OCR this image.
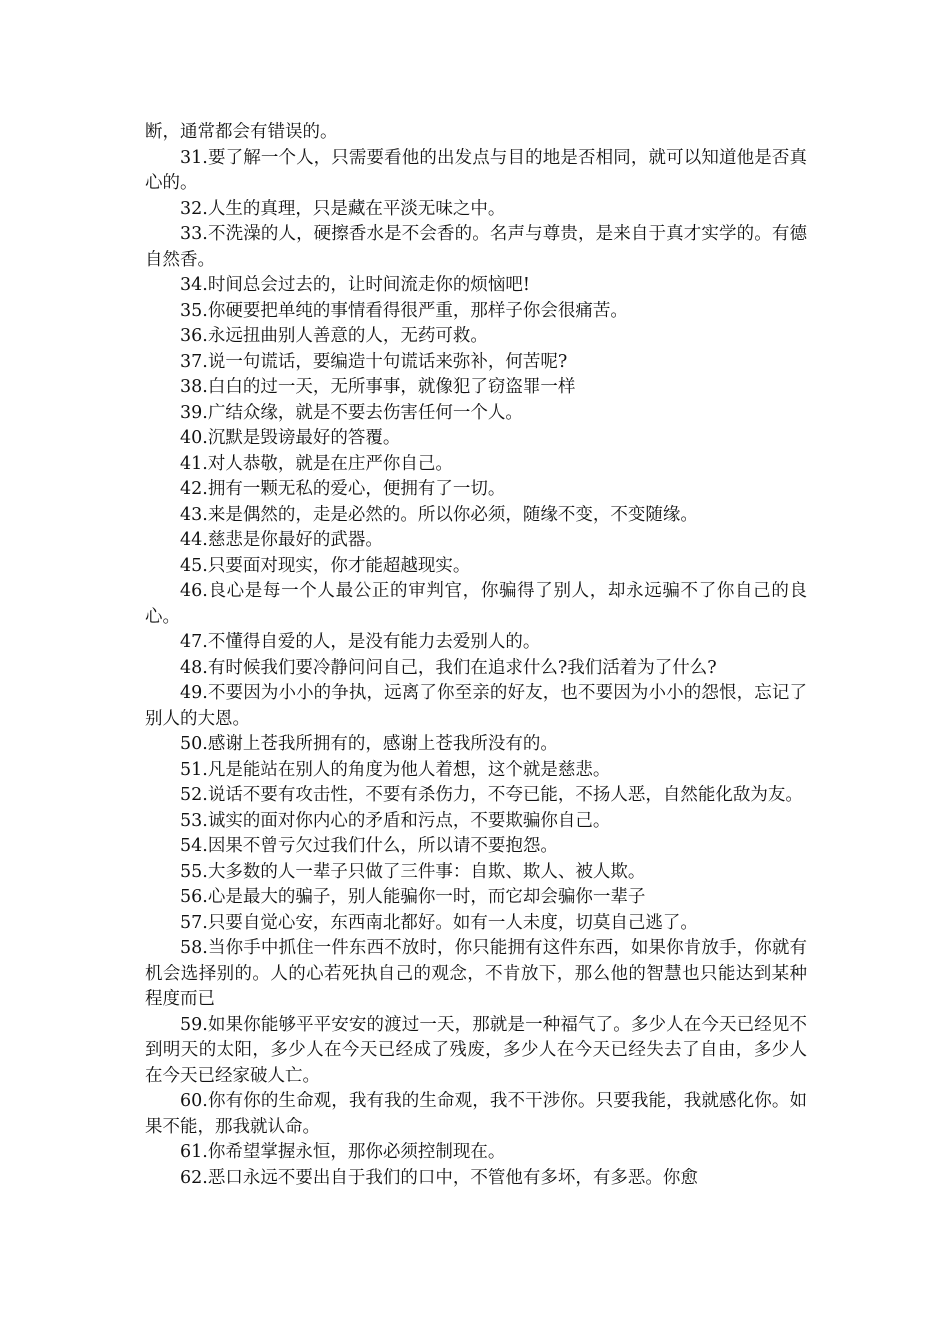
断，通常都会有错误的。

31.要了解一个人，只需要看他的出发点与目的地是否相同，就可以知道他是否真心的。

32.人生的真理，只是藏在平淡无味之中。

33.不洗澡的人，硬擦香水是不会香的。名声与尊贵，是来自于真才实学的。有德自然香。

34.时间总会过去的，让时间流走你的烦恼吧!

35.你硬要把单纯的事情看得很严重，那样子你会很痛苦。

36.永远扭曲别人善意的人，无药可救。

37.说一句谎话，要编造十句谎话来弥补，何苦呢?

38.白白的过一天，无所事事，就像犯了窃盗罪一样

39.广结众缘，就是不要去伤害任何一个人。

40.沉默是毁谤最好的答覆。

41.对人恭敬，就是在庄严你自己。

42.拥有一颗无私的爱心，便拥有了一切。

43.来是偶然的，走是必然的。所以你必须，随缘不变，不变随缘。

44.慈悲是你最好的武器。

45.只要面对现实，你才能超越现实。

46.良心是每一个人最公正的审判官，你骗得了别人，却永远骗不了你自己的良心。

47.不懂得自爱的人，是没有能力去爱别人的。

48.有时候我们要冷静问问自己，我们在追求什么?我们活着为了什么?

49.不要因为小小的争执，远离了你至亲的好友，也不要因为小小的怨恨，忘记了别人的大恩。

50.感谢上苍我所拥有的，感谢上苍我所没有的。

51.凡是能站在别人的角度为他人着想，这个就是慈悲。

52.说话不要有攻击性，不要有杀伤力，不夸已能，不扬人恶，自然能化敌为友。

53.诚实的面对你内心的矛盾和污点，不要欺骗你自己。

54.因果不曾亏欠过我们什么，所以请不要抱怨。

55.大多数的人一辈子只做了三件事：自欺、欺人、被人欺。

56.心是最大的骗子，别人能骗你一时，而它却会骗你一辈子

57.只要自觉心安，东西南北都好。如有一人未度，切莫自己逃了。

58.当你手中抓住一件东西不放时，你只能拥有这件东西，如果你肯放手，你就有机会选择别的。人的心若死执自己的观念，不肯放下，那么他的智慧也只能达到某种程度而已

59.如果你能够平平安安的渡过一天，那就是一种福气了。多少人在今天已经见不到明天的太阳，多少人在今天已经成了残废，多少人在今天已经失去了自由，多少人在今天已经家破人亡。

60.你有你的生命观，我有我的生命观，我不干涉你。只要我能，我就感化你。如果不能，那我就认命。

61.你希望掌握永恒，那你必须控制现在。

62.恶口永远不要出自于我们的口中，不管他有多坏，有多恶。你愈
